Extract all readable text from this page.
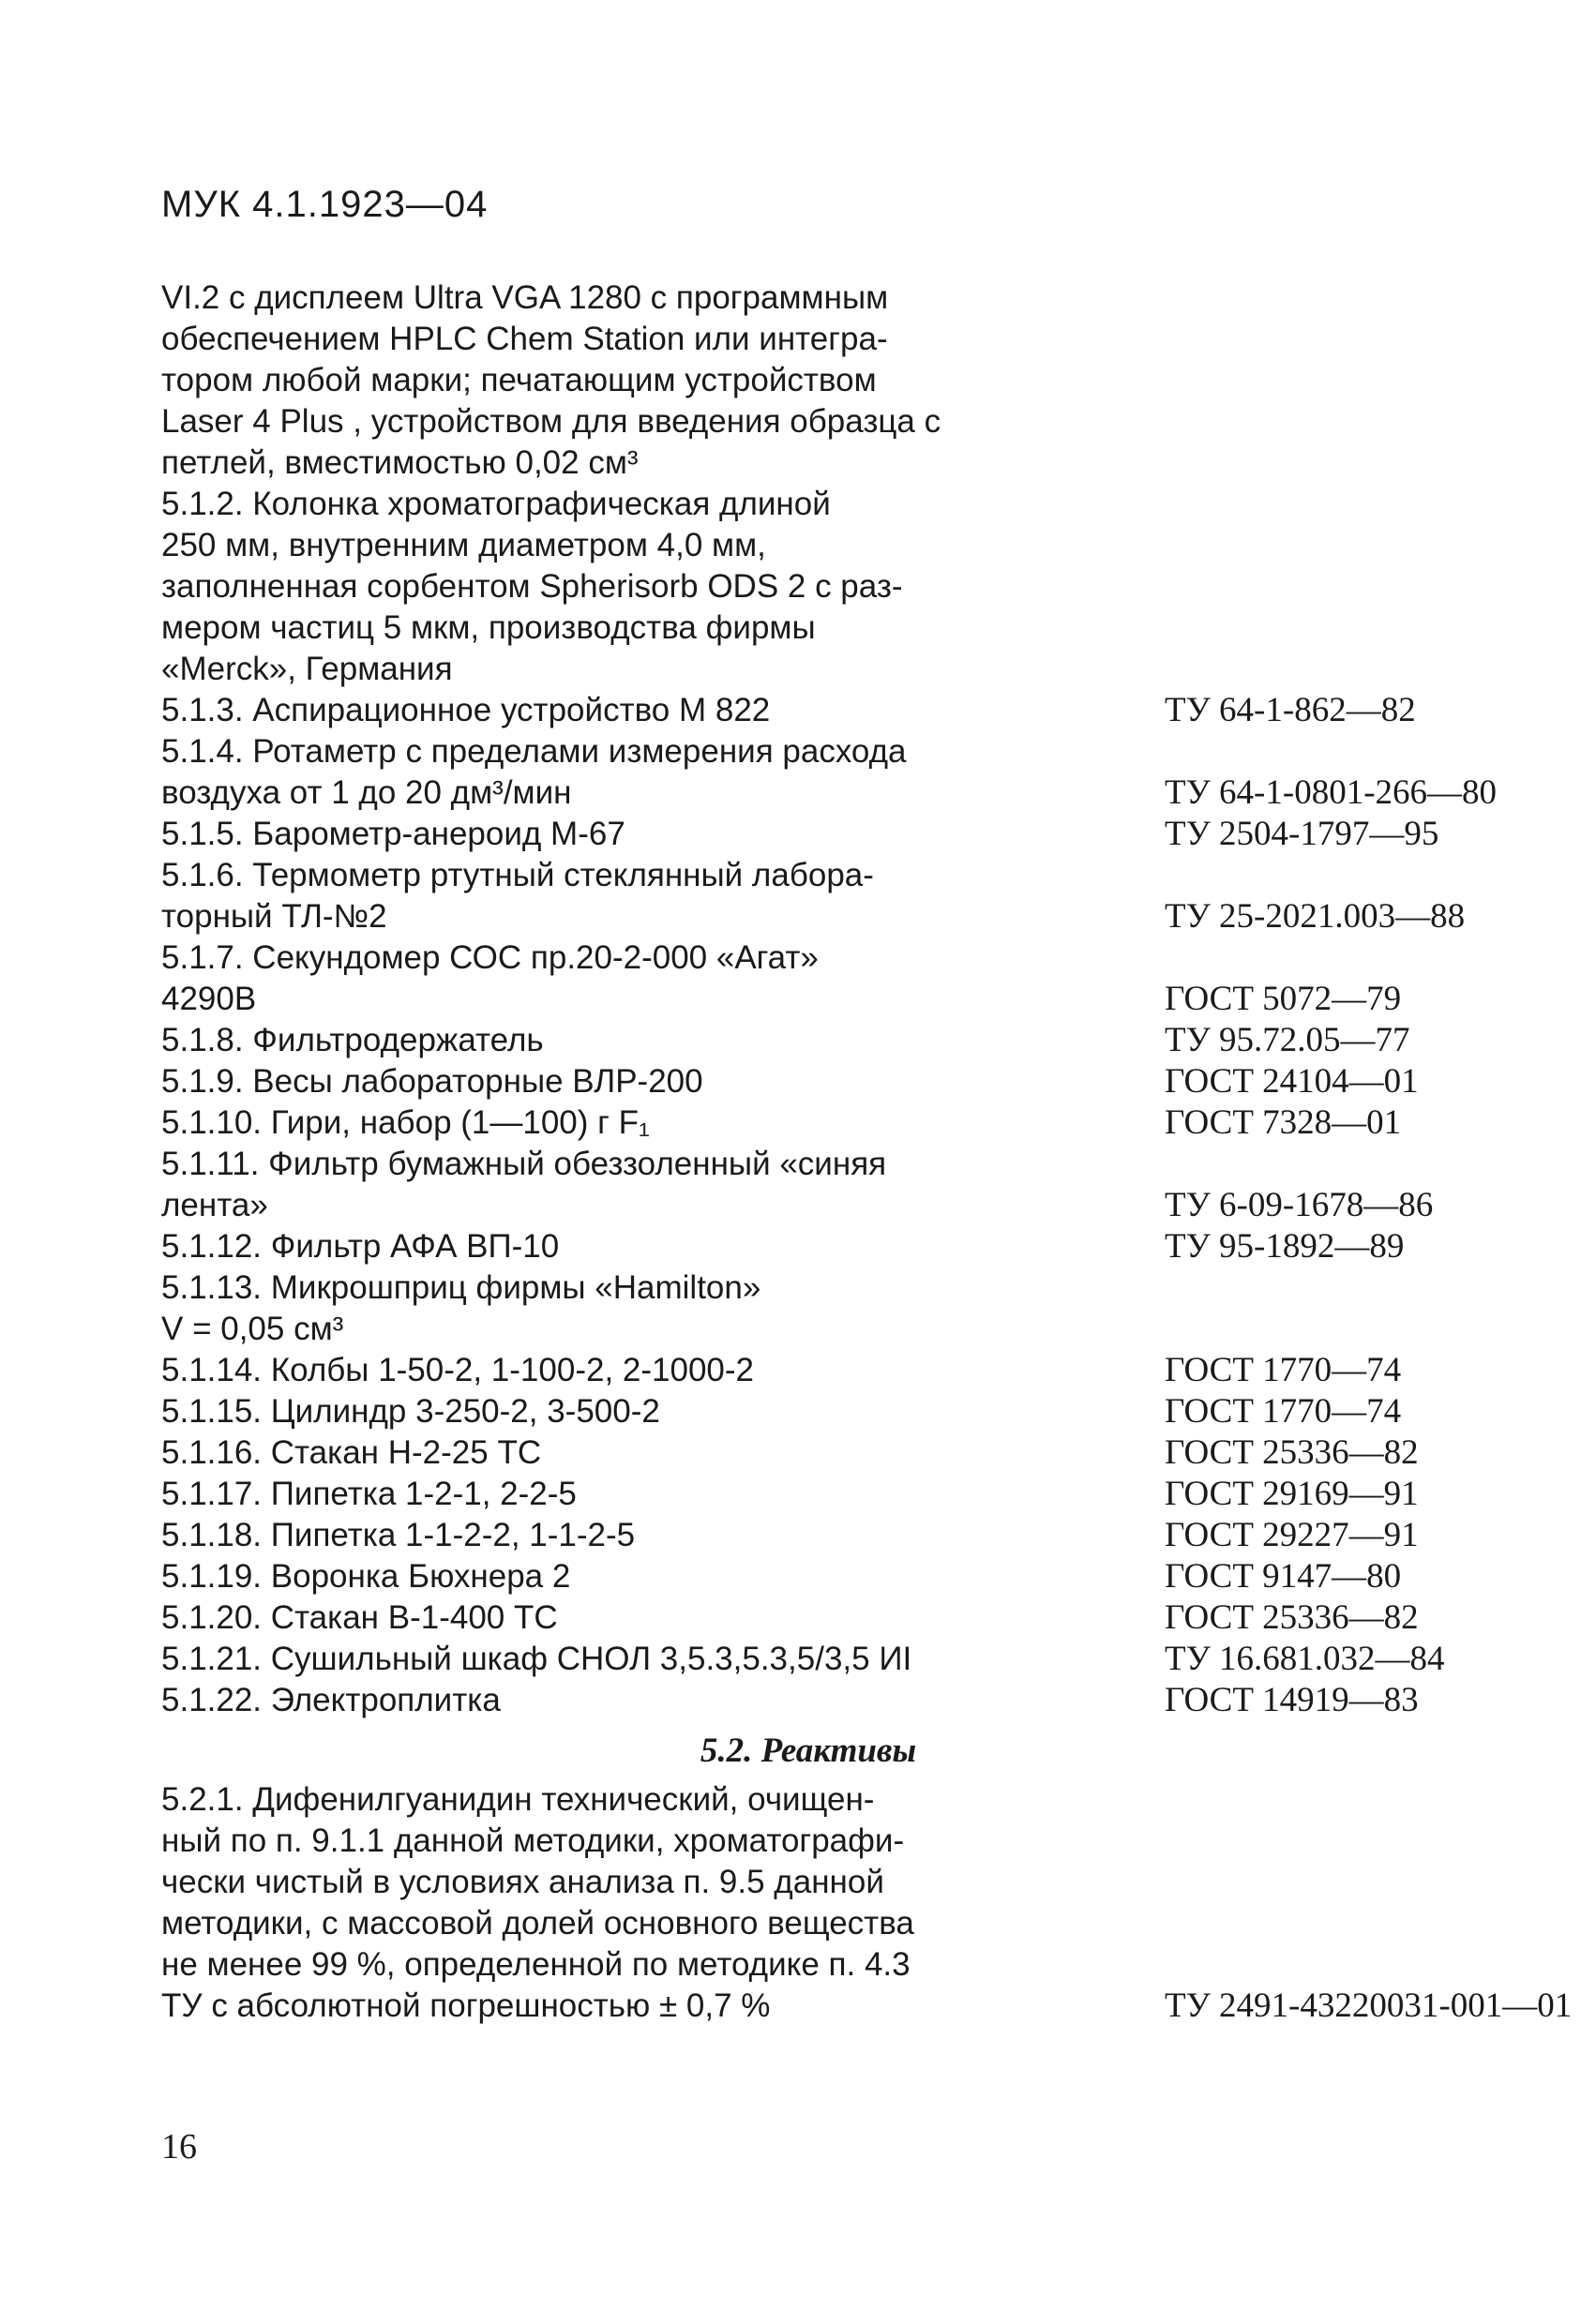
МУК 4.1.1923—04
VI.2 с дисплеем Ultra VGA 1280 с программным
обеспечением HPLC Chem Station или интегра-
тором любой марки; печатающим устройством
Laser 4 Plus , устройством для введения образца с
петлей, вместимостью 0,02 см³
5.1.2. Колонка хроматографическая длиной
250 мм, внутренним диаметром 4,0 мм,
заполненная сорбентом Spherisorb ODS 2 с раз-
мером частиц 5 мкм, производства фирмы
«Merck», Германия
5.1.3. Аспирационное устройство М 822	ТУ 64-1-862—82
5.1.4. Ротаметр с пределами измерения расхода
воздуха от 1 до 20 дм³/мин	ТУ 64-1-0801-266—80
5.1.5. Барометр-анероид М-67	ТУ 2504-1797—95
5.1.6. Термометр ртутный стеклянный лабора-
торный ТЛ-№2	ТУ 25-2021.003—88
5.1.7. Секундомер СОС пр.20-2-000 «Агат»
4290В	ГОСТ 5072—79
5.1.8. Фильтродержатель	ТУ 95.72.05—77
5.1.9. Весы лабораторные ВЛР-200	ГОСТ 24104—01
5.1.10. Гири, набор (1—100) г F₁	ГОСТ 7328—01
5.1.11. Фильтр бумажный обеззоленный «синяя
лента»	ТУ 6-09-1678—86
5.1.12. Фильтр АФА ВП-10	ТУ 95-1892—89
5.1.13. Микрошприц фирмы «Hamilton»
V = 0,05 см³
5.1.14. Колбы 1-50-2, 1-100-2, 2-1000-2	ГОСТ 1770—74
5.1.15. Цилиндр 3-250-2, 3-500-2	ГОСТ 1770—74
5.1.16. Стакан Н-2-25 ТС	ГОСТ 25336—82
5.1.17. Пипетка 1-2-1, 2-2-5	ГОСТ 29169—91
5.1.18. Пипетка 1-1-2-2, 1-1-2-5	ГОСТ 29227—91
5.1.19. Воронка Бюхнера 2	ГОСТ 9147—80
5.1.20. Стакан В-1-400 ТС	ГОСТ 25336—82
5.1.21. Сушильный шкаф СНОЛ 3,5.3,5.3,5/3,5 ИІ	ТУ 16.681.032—84
5.1.22. Электроплитка	ГОСТ 14919—83
5.2. Реактивы
5.2.1. Дифенилгуанидин технический, очищен-
ный по п. 9.1.1 данной методики, хроматографи-
чески чистый в условиях анализа п. 9.5 данной
методики, с массовой долей основного вещества
не менее 99 %, определенной по методике п. 4.3
ТУ с абсолютной погрешностью ± 0,7 %	ТУ 2491-43220031-001—01
16
